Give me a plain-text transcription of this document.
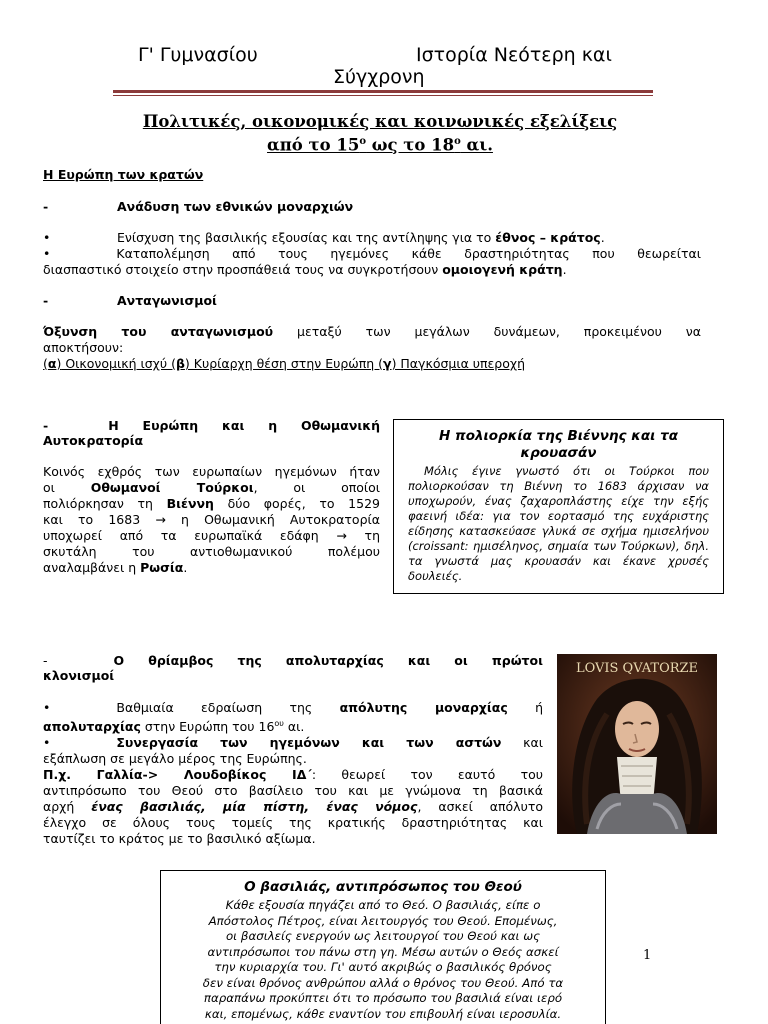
Γ' Γυμνασίου	Ιστορία Νεότερη και
Σύγχρονη
Πολιτικές, οικονομικές και κοινωνικές εξελίξεις
από το $15^o$ ως το $18^o$ αι.
Η Ευρώπη των κρατών
-	Ανάδυση των εθνικών μοναρχιών
•	Ενίσχυση της βασιλικής εξουσίας και της αντίληψης για το έθνος – κράτος.
•	Καταπολέμηση από τους ηγεμόνες κάθε δραστηριότητας που θεωρείται
διασπαστικό στοιχείο στην προσπάθειά τους να συγκροτήσουν ομοιογενή κράτη.
-	Ανταγωνισμοί
Όξυνση του ανταγωνισμού μεταξύ των μεγάλων δυνάμεων, προκειμένου να
αποκτήσουν:
(α) Οικονομική ισχύ (β) Κυρίαρχη θέση στην Ευρώπη (γ) Παγκόσμια υπεροχή
-	Η Ευρώπη και η Οθωμανική
Αυτοκρατορία
Κοινός εχθρός των ευρωπαίων ηγεμόνων ήταν
οι Οθωμανοί Τούρκοι, οι οποίοι
πολιόρκησαν τη Βιέννη δύο φορές, το 1529
και το 1683 → η Οθωμανική Αυτοκρατορία
υποχωρεί από τα ευρωπαϊκά εδάφη → τη
σκυτάλη του αντιοθωμανικού πολέμου
αναλαμβάνει η Ρωσία.
Η πολιορκία της Βιέννης και τα
κρουασάν
Μόλις έγινε γνωστό ότι οι Τούρκοι που πολιορκούσαν τη Βιέννη το 1683 άρχισαν να υποχωρούν, ένας ζαχαροπλάστης είχε την εξής φαεινή ιδέα: για τον εορτασμό της ευχάριστης είδησης κατασκεύασε γλυκά σε σχήμα ημισελήνου (croissant: ημισέληνος, σημαία των Τούρκων), δηλ. τα γνωστά μας κρουασάν και έκανε χρυσές δουλειές.
-	Ο θρίαμβος της απολυταρχίας και οι πρώτοι
κλονισμοί
•	Βαθμιαία εδραίωση της απόλυτης μοναρχίας ή
απολυταρχίας στην Ευρώπη του $16^{o\upsilon}$ αι.
•	Συνεργασία των ηγεμόνων και των αστών και
εξάπλωση σε μεγάλο μέρος της Ευρώπης.
Π.χ. Γαλλία-> Λουδοβίκος ΙΔ΄: θεωρεί τον εαυτό του
αντιπρόσωπο του Θεού στο βασίλειο του και με γνώμονα τη βασικά
αρχή ένας βασιλιάς, μία πίστη, ένας νόμος, ασκεί απόλυτο
έλεγχο σε όλους τους τομείς της κρατικής δραστηριότητας και
ταυτίζει το κράτος με το βασιλικό αξίωμα.
LOVIS QVATORZE
Ο βασιλιάς, αντιπρόσωπος του Θεού
Κάθε εξουσία πηγάζει από το Θεό. Ο βασιλιάς, είπε ο
Απόστολος Πέτρος, είναι λειτουργός του Θεού. Επομένως,
οι βασιλείς ενεργούν ως λειτουργοί του Θεού και ως
αντιπρόσωποι του πάνω στη γη. Μέσω αυτών ο Θεός ασκεί
την κυριαρχία του. Γι' αυτό ακριβώς ο βασιλικός θρόνος
δεν είναι θρόνος ανθρώπου αλλά ο θρόνος του Θεού. Από τα
παραπάνω προκύπτει ότι το πρόσωπο του βασιλιά είναι ιερό
και, επομένως, κάθε εναντίον του επιβουλή είναι ιεροσυλία.
1
